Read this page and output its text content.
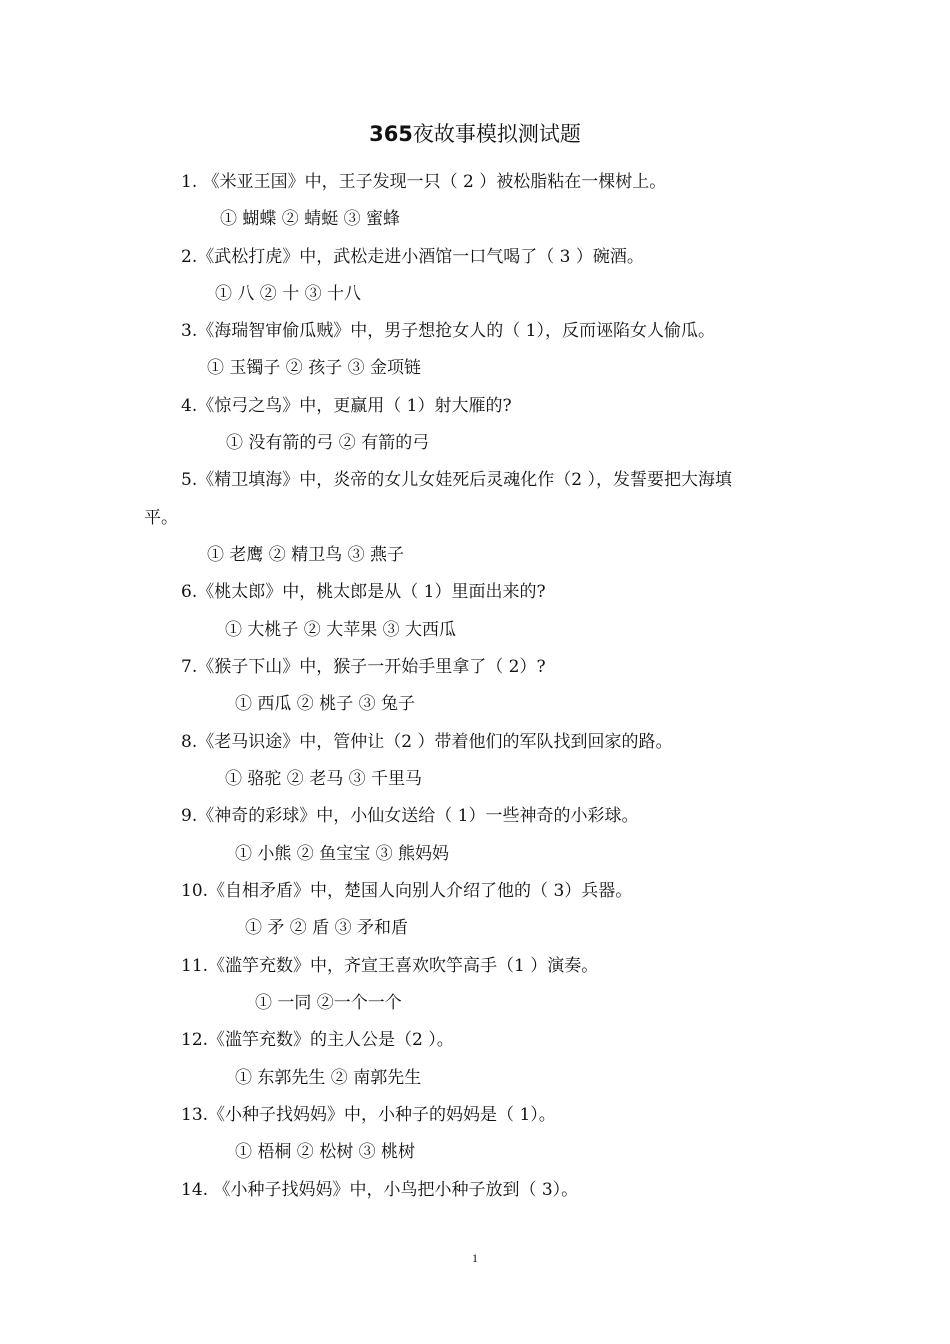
365夜故事模拟测试题
1. 《米亚王国》中，王子发现一只（ 2 ）被松脂粘在一棵树上。
① 蝴蝶 ② 蜻蜓 ③ 蜜蜂
2.《武松打虎》中，武松走进小酒馆一口气喝了（ 3 ）碗酒。
① 八 ② 十 ③ 十八
3.《海瑞智审偷瓜贼》中，男子想抢女人的（ 1），反而诬陷女人偷瓜。
① 玉镯子 ② 孩子 ③ 金项链
4.《惊弓之鸟》中，更赢用（ 1）射大雁的?
① 没有箭的弓 ② 有箭的弓
5.《精卫填海》中，炎帝的女儿女娃死后灵魂化作（2 ），发誓要把大海填
平。
① 老鹰 ② 精卫鸟 ③ 燕子
6.《桃太郎》中，桃太郎是从（ 1）里面出来的?
① 大桃子 ② 大苹果 ③ 大西瓜
7.《猴子下山》中，猴子一开始手里拿了（ 2）?
① 西瓜 ② 桃子 ③ 兔子
8.《老马识途》中，管仲让（2 ）带着他们的军队找到回家的路。
① 骆驼 ② 老马 ③ 千里马
9.《神奇的彩球》中，小仙女送给（ 1）一些神奇的小彩球。
① 小熊 ② 鱼宝宝 ③ 熊妈妈
10.《自相矛盾》中，楚国人向别人介绍了他的（ 3）兵器。
① 矛 ② 盾 ③ 矛和盾
11.《滥竽充数》中，齐宣王喜欢吹竽高手（1 ）演奏。
① 一同 ②一个一个
12.《滥竽充数》的主人公是（2 ）。
① 东郭先生 ② 南郭先生
13.《小种子找妈妈》中，小种子的妈妈是（ 1）。
① 梧桐 ② 松树 ③ 桃树
14. 《小种子找妈妈》中，小鸟把小种子放到（ 3）。
1
